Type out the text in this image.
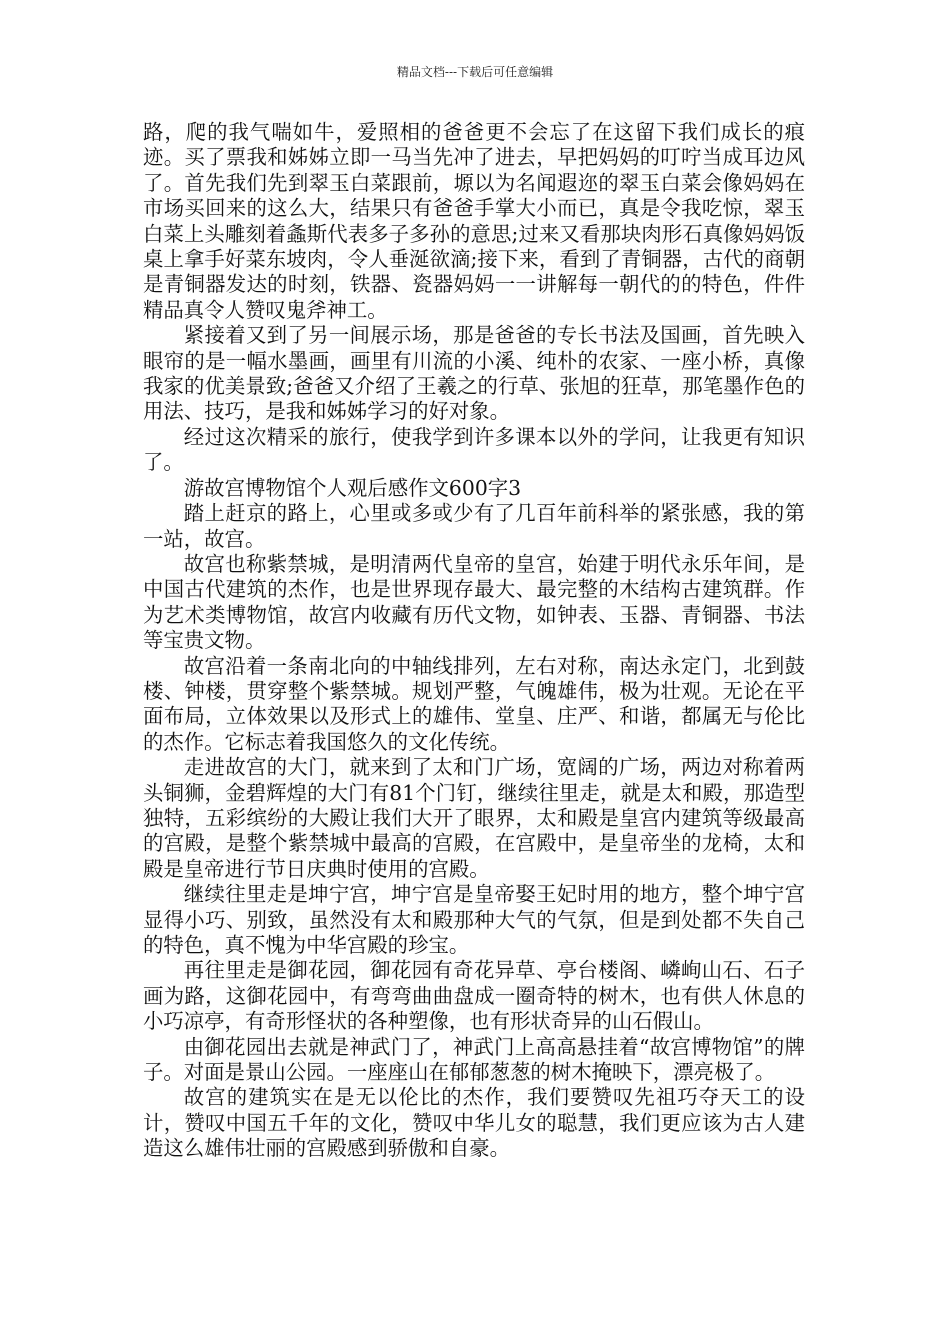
精品文档---下载后可任意编辑

路，爬的我气喘如牛，爱照相的爸爸更不会忘了在这留下我们成长的痕迹。买了票我和姊姊立即一马当先冲了进去，早把妈妈的叮咛当成耳边风了。首先我们先到翠玉白菜跟前，塬以为名闻遐迩的翠玉白菜会像妈妈在市场买回来的这么大，结果只有爸爸手掌大小而已，真是令我吃惊，翠玉白菜上头雕刻着螽斯代表多子多孙的意思;过来又看那块肉形石真像妈妈饭桌上拿手好菜东坡肉，令人垂涎欲滴;接下来，看到了青铜器，古代的商朝是青铜器发达的时刻，铁器、瓷器妈妈一一讲解每一朝代的的特色，件件精品真令人赞叹鬼斧神工。

紧接着又到了另一间展示场，那是爸爸的专长书法及国画，首先映入眼帘的是一幅水墨画，画里有川流的小溪、纯朴的农家、一座小桥，真像我家的优美景致;爸爸又介绍了王羲之的行草、张旭的狂草，那笔墨作色的用法、技巧，是我和姊姊学习的好对象。

经过这次精采的旅行，使我学到许多课本以外的学问，让我更有知识了。

游故宫博物馆个人观后感作文600字3

踏上赶京的路上，心里或多或少有了几百年前科举的紧张感，我的第一站，故宫。

故宫也称紫禁城，是明清两代皇帝的皇宫，始建于明代永乐年间，是中国古代建筑的杰作，也是世界现存最大、最完整的木结构古建筑群。作为艺术类博物馆，故宫内收藏有历代文物，如钟表、玉器、青铜器、书法等宝贵文物。

故宫沿着一条南北向的中轴线排列，左右对称，南达永定门，北到鼓楼、钟楼，贯穿整个紫禁城。规划严整，气魄雄伟，极为壮观。无论在平面布局，立体效果以及形式上的雄伟、堂皇、庄严、和谐，都属无与伦比的杰作。它标志着我国悠久的文化传统。

走进故宫的大门，就来到了太和门广场，宽阔的广场，两边对称着两头铜狮，金碧辉煌的大门有81个门钉，继续往里走，就是太和殿，那造型独特，五彩缤纷的大殿让我们大开了眼界，太和殿是皇宫内建筑等级最高的宫殿，是整个紫禁城中最高的宫殿，在宫殿中，是皇帝坐的龙椅，太和殿是皇帝进行节日庆典时使用的宫殿。

继续往里走是坤宁宫，坤宁宫是皇帝娶王妃时用的地方，整个坤宁宫显得小巧、别致，虽然没有太和殿那种大气的气氛，但是到处都不失自己的特色，真不愧为中华宫殿的珍宝。

再往里走是御花园，御花园有奇花异草、亭台楼阁、嶙峋山石、石子画为路，这御花园中，有弯弯曲曲盘成一圈奇特的树木，也有供人休息的小巧凉亭，有奇形怪状的各种塑像，也有形状奇异的山石假山。

由御花园出去就是神武门了，神武门上高高悬挂着“故宫博物馆”的牌子。对面是景山公园。一座座山在郁郁葱葱的树木掩映下，漂亮极了。

故宫的建筑实在是无以伦比的杰作，我们要赞叹先祖巧夺天工的设计，赞叹中国五千年的文化，赞叹中华儿女的聪慧，我们更应该为古人建造这么雄伟壮丽的宫殿感到骄傲和自豪。
